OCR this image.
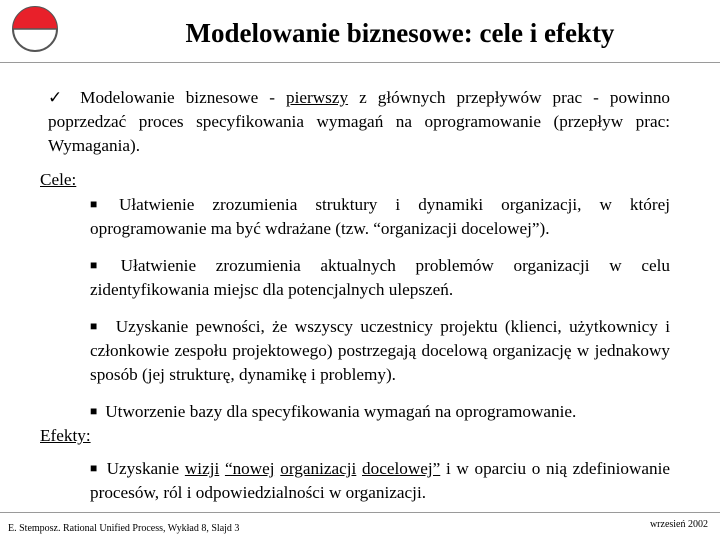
Modelowanie biznesowe: cele i efekty

✓ Modelowanie biznesowe - pierwszy z głównych przepływów prac - powinno poprzedzać proces specyfikowania wymagań na oprogramowanie (przepływ prac: Wymagania).

Cele:

■ Ułatwienie zrozumienia struktury i dynamiki organizacji, w której oprogramowanie ma być wdrażane (tzw. “organizacji docelowej”).

■ Ułatwienie zrozumienia aktualnych problemów organizacji w celu zidentyfikowania miejsc dla potencjalnych ulepszeń.

■ Uzyskanie pewności, że wszyscy uczestnicy projektu (klienci, użytkownicy i członkowie zespołu projektowego) postrzegają docelową organizację w jednakowy sposób (jej strukturę, dynamikę i problemy).

■ Utworzenie bazy dla specyfikowania wymagań na oprogramowanie.

Efekty:

■ Uzyskanie wizji “nowej organizacji docelowej” i w oparciu o nią zdefiniowanie procesów, ról i odpowiedzialności w organizacji.

E. Stemposz. Rational Unified Process, Wykład 8, Slajd 3	wrzesień 2002
